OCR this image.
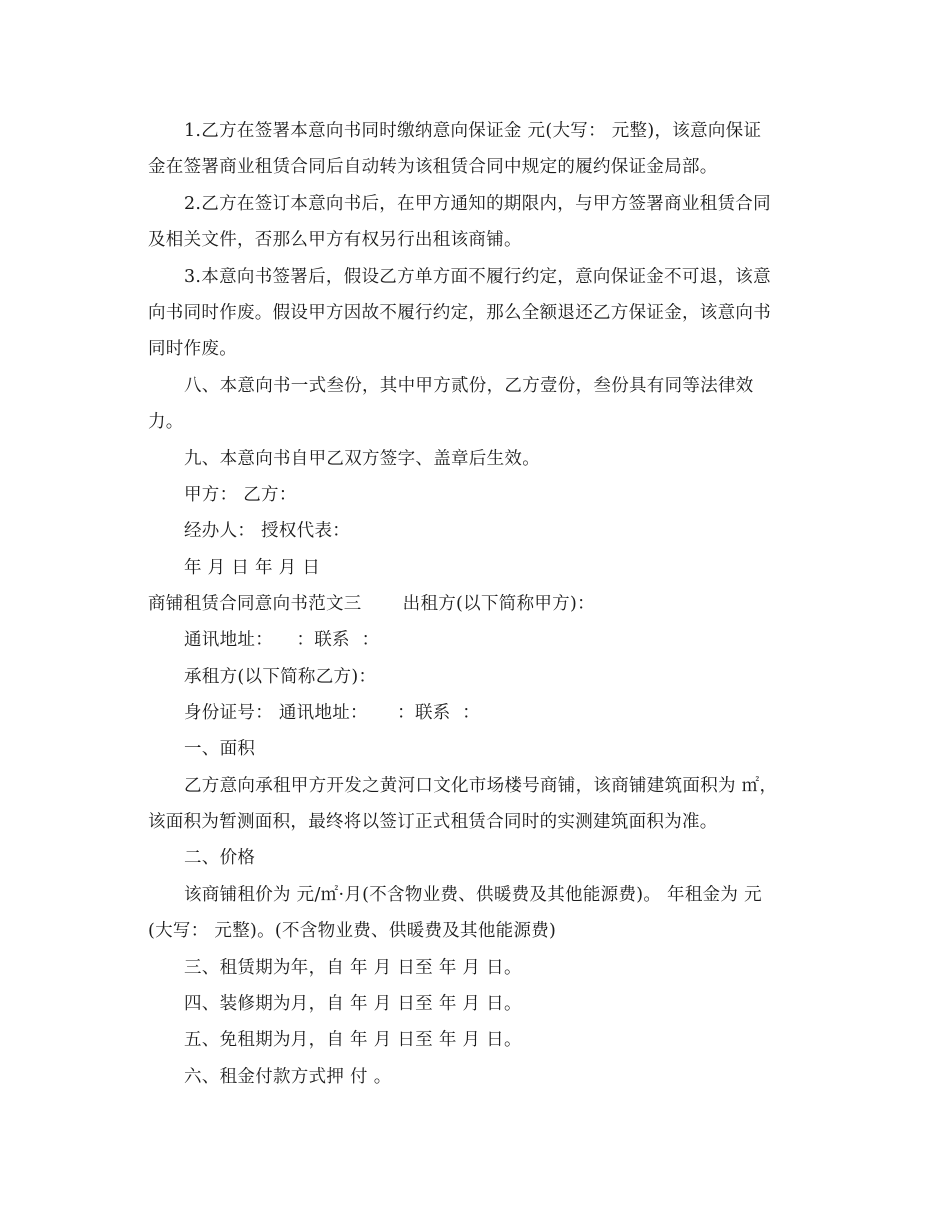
1.乙方在签署本意向书同时缴纳意向保证金 元(大写： 元整)，该意向保证
金在签署商业租赁合同后自动转为该租赁合同中规定的履约保证金局部。
2.乙方在签订本意向书后，在甲方通知的期限内，与甲方签署商业租赁合同
及相关文件，否那么甲方有权另行出租该商铺。
3.本意向书签署后，假设乙方单方面不履行约定，意向保证金不可退，该意
向书同时作废。假设甲方因故不履行约定，那么全额退还乙方保证金，该意向书
同时作废。
八、本意向书一式叁份，其中甲方贰份，乙方壹份，叁份具有同等法律效
力。
九、本意向书自甲乙双方签字、盖章后生效。
甲方： 乙方：
经办人： 授权代表：
年 月 日 年 月 日
商铺租赁合同意向书范文三       出租方(以下简称甲方)：
通讯地址：    ：联系  ：
承租方(以下简称乙方)：
身份证号： 通讯地址：     ：联系  ：
一、面积
乙方意向承租甲方开发之黄河口文化市场楼号商铺，该商铺建筑面积为 ㎡，
该面积为暂测面积，最终将以签订正式租赁合同时的实测建筑面积为准。
二、价格
该商铺租价为 元/㎡·月(不含物业费、供暖费及其他能源费)。 年租金为 元
(大写： 元整)。(不含物业费、供暖费及其他能源费)
三、租赁期为年，自 年 月 日至 年 月 日。
四、装修期为月，自 年 月 日至 年 月 日。
五、免租期为月，自 年 月 日至 年 月 日。
六、租金付款方式押 付 。
